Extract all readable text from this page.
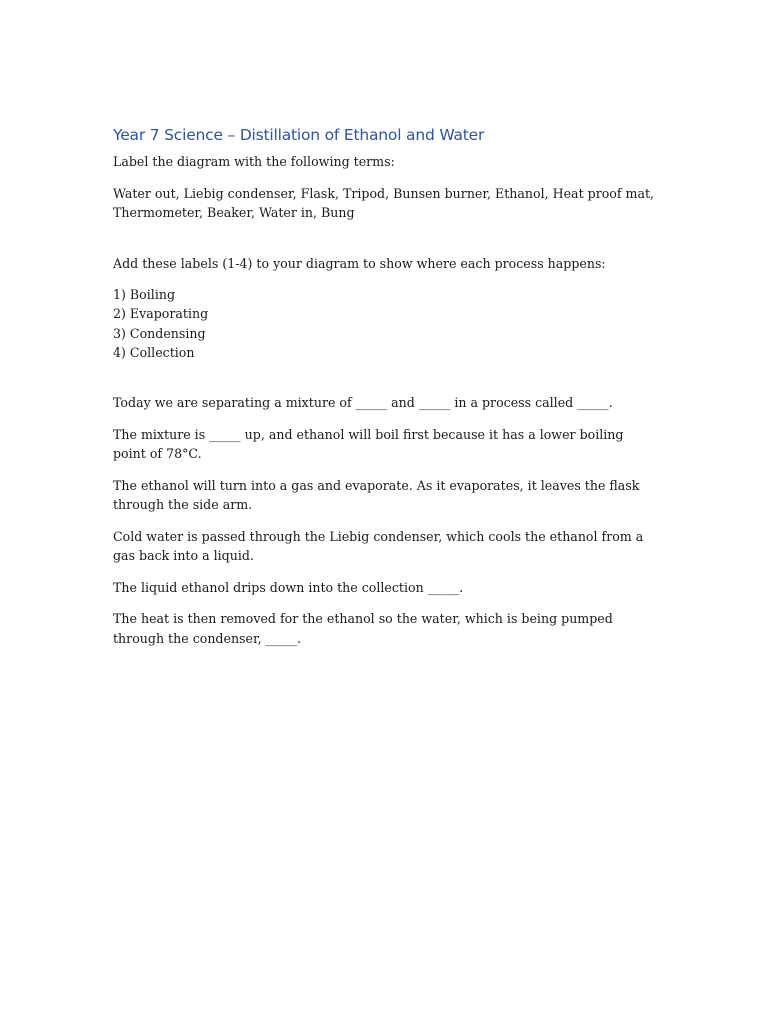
Year 7 Science – Distillation of Ethanol and Water

Label the diagram with the following terms:

Water out, Liebig condenser, Flask, Tripod, Bunsen burner, Ethanol, Heat proof mat,

Thermometer, Beaker, Water in, Bung

Add these labels (1-4) to your diagram to show where each process happens:

1) Boiling

2) Evaporating

3) Condensing

4) Collection

Today we are separating a mixture of _____ and _____ in a process called _____.

The mixture is _____ up, and ethanol will boil first because it has a lower boiling point of 78°C.

The ethanol will turn into a gas and evaporate. As it evaporates, it leaves the flask through the side arm.

Cold water is passed through the Liebig condenser, which cools the ethanol from a gas back into a liquid.

The liquid ethanol drips down into the collection _____.

The heat is then removed for the ethanol so the water, which is being pumped through the condenser, _____.
